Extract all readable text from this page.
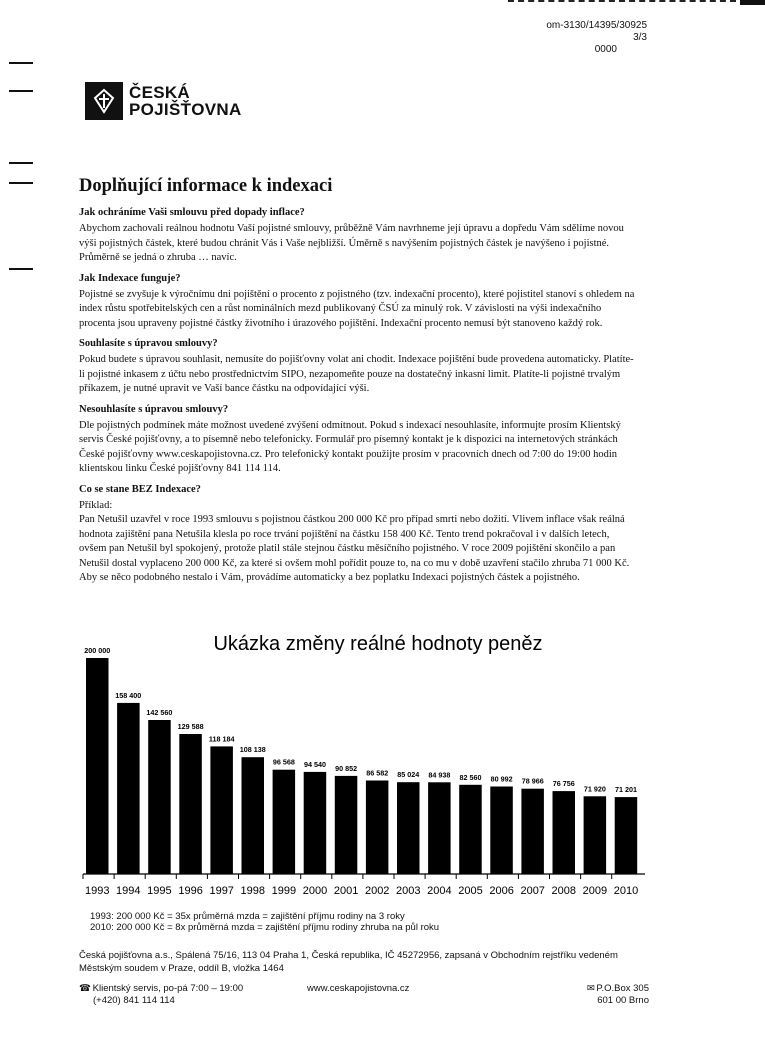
om-3130/14395/30925
3/3
0000
ČESKÁ
POJIŠŤOVNA
Doplňující informace k indexaci
Jak ochráníme Vaši smlouvu před dopady inflace?

Abychom zachovali reálnou hodnotu Vaší pojistné smlouvy, průběžně Vám navrhneme její úpravu a dopředu Vám sdělíme novou výši pojistných částek, které budou chránit Vás i Vaše nejbližší. Úměrně s navýšením pojistných částek je navýšeno i pojistné. Průměrně se jedná o zhruba … navíc.

Jak Indexace funguje?

Pojistné se zvyšuje k výročnímu dni pojištění o procento z pojistného (tzv. indexační procento), které pojistitel stanoví s ohledem na index růstu spotřebitelských cen a růst nominálních mezd publikovaný ČSÚ za minulý rok. V závislosti na výši indexačního procenta jsou upraveny pojistné částky životního i úrazového pojištění. Indexační procento nemusí být stanoveno každý rok.

Souhlasíte s úpravou smlouvy?

Pokud budete s úpravou souhlasit, nemusíte do pojišťovny volat ani chodit. Indexace pojištění bude provedena automaticky. Platíte-li pojistné inkasem z účtu nebo prostřednictvím SIPO, nezapomeňte pouze na dostatečný inkasní limit. Platíte-li pojistné trvalým příkazem, je nutné upravit ve Vaší bance částku na odpovídající výši.

Nesouhlasíte s úpravou smlouvy?

Dle pojistných podmínek máte možnost uvedené zvýšení odmítnout. Pokud s indexací nesouhlasíte, informujte prosím Klientský servis České pojišťovny, a to písemně nebo telefonicky. Formulář pro písemný kontakt je k dispozici na internetových stránkách České pojišťovny www.ceskapojistovna.cz. Pro telefonický kontakt použijte prosím v pracovních dnech od 7:00 do 19:00 hodin klientskou linku České pojišťovny 841 114 114.

Co se stane BEZ Indexace?

Příklad:

Pan Netušil uzavřel v roce 1993 smlouvu s pojistnou částkou 200 000 Kč pro případ smrti nebo dožití. Vlivem inflace však reálná hodnota zajištění pana Netušila klesla po roce trvání pojištění na částku 158 400 Kč. Tento trend pokračoval i v dalších letech, ovšem pan Netušil byl spokojený, protože platil stále stejnou částku měsíčního pojistného. V roce 2009 pojištění skončilo a pan Netušil dostal vyplaceno 200 000 Kč, za které si ovšem mohl pořídit pouze to, na co mu v době uzavření stačilo zhruba 71 000 Kč. Aby se něco podobného nestalo i Vám, provádíme automaticky a bez poplatku Indexaci pojistných částek a pojistného.

Ukázka změny reálné hodnoty peněz
200 000
1993
158 400
1994
142 560
1995
129 588
1996
118 184
1997
108 138
1998
96 568
1999
94 540
2000
90 852
2001
86 582
2002
85 024
2003
84 938
2004
82 560
2005
80 992
2006
78 966
2007
76 756
2008
71 920
2009
71 201
2010
1993: 200 000 Kč = 35x průměrná mzda = zajištění příjmu rodiny na 3 roky
2010: 200 000 Kč = 8x průměrná mzda = zajištění příjmu rodiny zhruba na půl roku
Česká pojišťovna a.s., Spálená 75/16, 113 04 Praha 1, Česká republika, IČ 45272956, zapsaná v Obchodním rejstříku vedeném Městským soudem v Praze, oddíl B, vložka 1464
☎ Klientský servis, po-pá 7:00 – 19:00
(+420) 841 114 114
www.ceskapojistovna.cz	✉ P.O.Box 305
601 00 Brno
